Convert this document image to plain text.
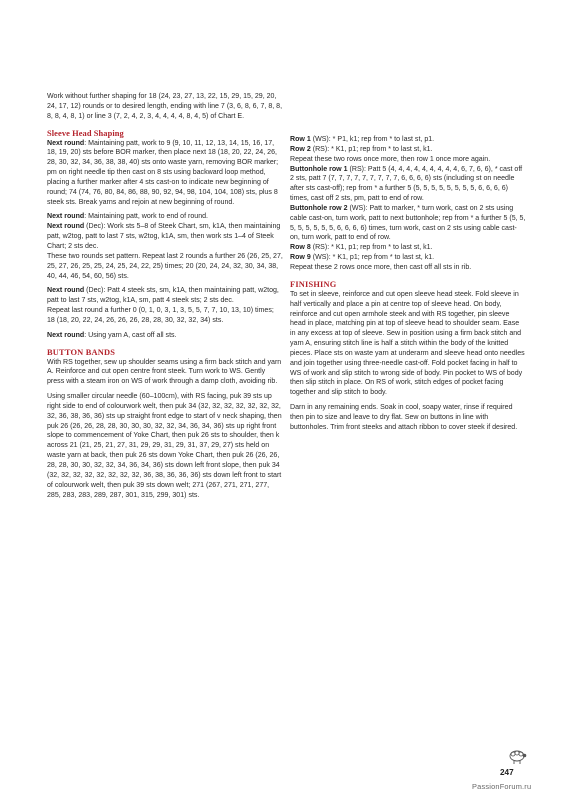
Work without further shaping for 18 (24, 23, 27, 13, 22, 15, 29, 15, 29, 20, 24, 17, 12) rounds or to desired length, ending with line 7 (3, 6, 8, 6, 7, 8, 8, 8, 8, 4, 8, 1) or line 3 (7, 2, 4, 2, 3, 4, 4, 4, 4, 8, 4, 5) of Chart E.

Sleeve Head Shaping

Next round: Maintaining patt, work to 9 (9, 10, 11, 12, 13, 14, 15, 16, 17, 18, 19, 20) sts before BOR marker, then place next 18 (18, 20, 22, 24, 26, 28, 30, 32, 34, 36, 38, 38, 40) sts onto waste yarn, removing BOR marker; pm on right needle tip then cast on 8 sts using backward loop method, placing a further marker after 4 sts cast-on to indicate new beginning of round; 74 (74, 76, 80, 84, 86, 88, 90, 92, 94, 98, 104, 104, 108) sts, plus 8 steek sts. Break yarns and rejoin at new beginning of round.

Next round: Maintaining patt, work to end of round.

Next round (Dec): Work sts 5–8 of Steek Chart, sm, k1A, then maintaining patt, w2tog, patt to last 7 sts, w2tog, k1A, sm, then work sts 1–4 of Steek Chart; 2 sts dec.

These two rounds set pattern. Repeat last 2 rounds a further 26 (26, 25, 27, 25, 27, 26, 25, 25, 24, 25, 24, 22, 25) times; 20 (20, 24, 24, 32, 30, 34, 38, 40, 44, 46, 54, 60, 56) sts.

Next round (Dec): Patt 4 steek sts, sm, k1A, then maintaining patt, w2tog, patt to last 7 sts, w2tog, k1A, sm, patt 4 steek sts; 2 sts dec.

Repeat last round a further 0 (0, 1, 0, 3, 1, 3, 5, 5, 7, 7, 10, 13, 10) times; 18 (18, 20, 22, 24, 26, 26, 26, 28, 28, 30, 32, 32, 34) sts.

Next round: Using yarn A, cast off all sts.

BUTTON BANDS

With RS together, sew up shoulder seams using a firm back stitch and yarn A. Reinforce and cut open centre front steek. Turn work to WS. Gently press with a steam iron on WS of work through a damp cloth, avoiding rib.

Using smaller circular needle (60–100cm), with RS facing, puk 39 sts up right side to end of colourwork welt, then puk 34 (32, 32, 32, 32, 32, 32, 32, 32, 36, 38, 36, 36) sts up straight front edge to start of v neck shaping, then puk 26 (26, 26, 28, 28, 30, 30, 30, 32, 32, 34, 36, 34, 36) sts up right front slope to commencement of Yoke Chart, then puk 26 sts to shoulder, then k across 21 (21, 25, 21, 27, 31, 29, 29, 31, 29, 31, 37, 29, 27) sts held on waste yarn at back, then puk 26 sts down Yoke Chart, then puk 26 (26, 26, 28, 28, 30, 30, 32, 32, 34, 36, 34, 36) sts down left front slope, then puk 34 (32, 32, 32, 32, 32, 32, 32, 32, 36, 38, 36, 36, 36) sts down left front to start of colourwork welt, then puk 39 sts down welt; 271 (267, 271, 271, 277, 285, 283, 283, 289, 287, 301, 315, 299, 301) sts.

Row 1 (WS): * P1, k1; rep from * to last st, p1.

Row 2 (RS): * K1, p1; rep from * to last st, k1.

Repeat these two rows once more, then row 1 once more again.

Buttonhole row 1 (RS): Patt 5 (4, 4, 4, 4, 4, 4, 4, 4, 4, 6, 7, 6, 6), * cast off 2 sts, patt 7 (7, 7, 7, 7, 7, 7, 7, 7, 7, 6, 6, 6, 6) sts (including st on needle after sts cast-off); rep from * a further 5 (5, 5, 5, 5, 5, 5, 5, 5, 6, 6, 6, 6) times, cast off 2 sts, pm, patt to end of row.

Buttonhole row 2 (WS): Patt to marker, * turn work, cast on 2 sts using cable cast-on, turn work, patt to next buttonhole; rep from * a further 5 (5, 5, 5, 5, 5, 5, 5, 5, 6, 6, 6, 6) times, turn work, cast on 2 sts using cable cast-on, turn work, patt to end of row.

Row 8 (RS): * K1, p1; rep from * to last st, k1.

Row 9 (WS): * K1, p1; rep from * to last st, k1.

Repeat these 2 rows once more, then cast off all sts in rib.

FINISHING

To set in sleeve, reinforce and cut open sleeve head steek. Fold sleeve in half vertically and place a pin at centre top of sleeve head. On body, reinforce and cut open armhole steek and with RS together, pin sleeve head in place, matching pin at top of sleeve head to shoulder seam. Ease in any excess at top of sleeve. Sew in position using a firm back stitch and yarn A, ensuring stitch line is half a stitch within the body of the knitted pieces. Place sts on waste yarn at underarm and sleeve head onto needles and join together using three-needle cast-off. Fold pocket facing in half to WS of work and slip stitch to wrong side of body. Pin pocket to WS of body then slip stitch in place. On RS of work, stitch edges of pocket facing together and slip stitch to body.

Darn in any remaining ends. Soak in cool, soapy water, rinse if required then pin to size and leave to dry flat. Sew on buttons in line with buttonholes. Trim front steeks and attach ribbon to cover steek if desired.

247
PassionForum.ru
